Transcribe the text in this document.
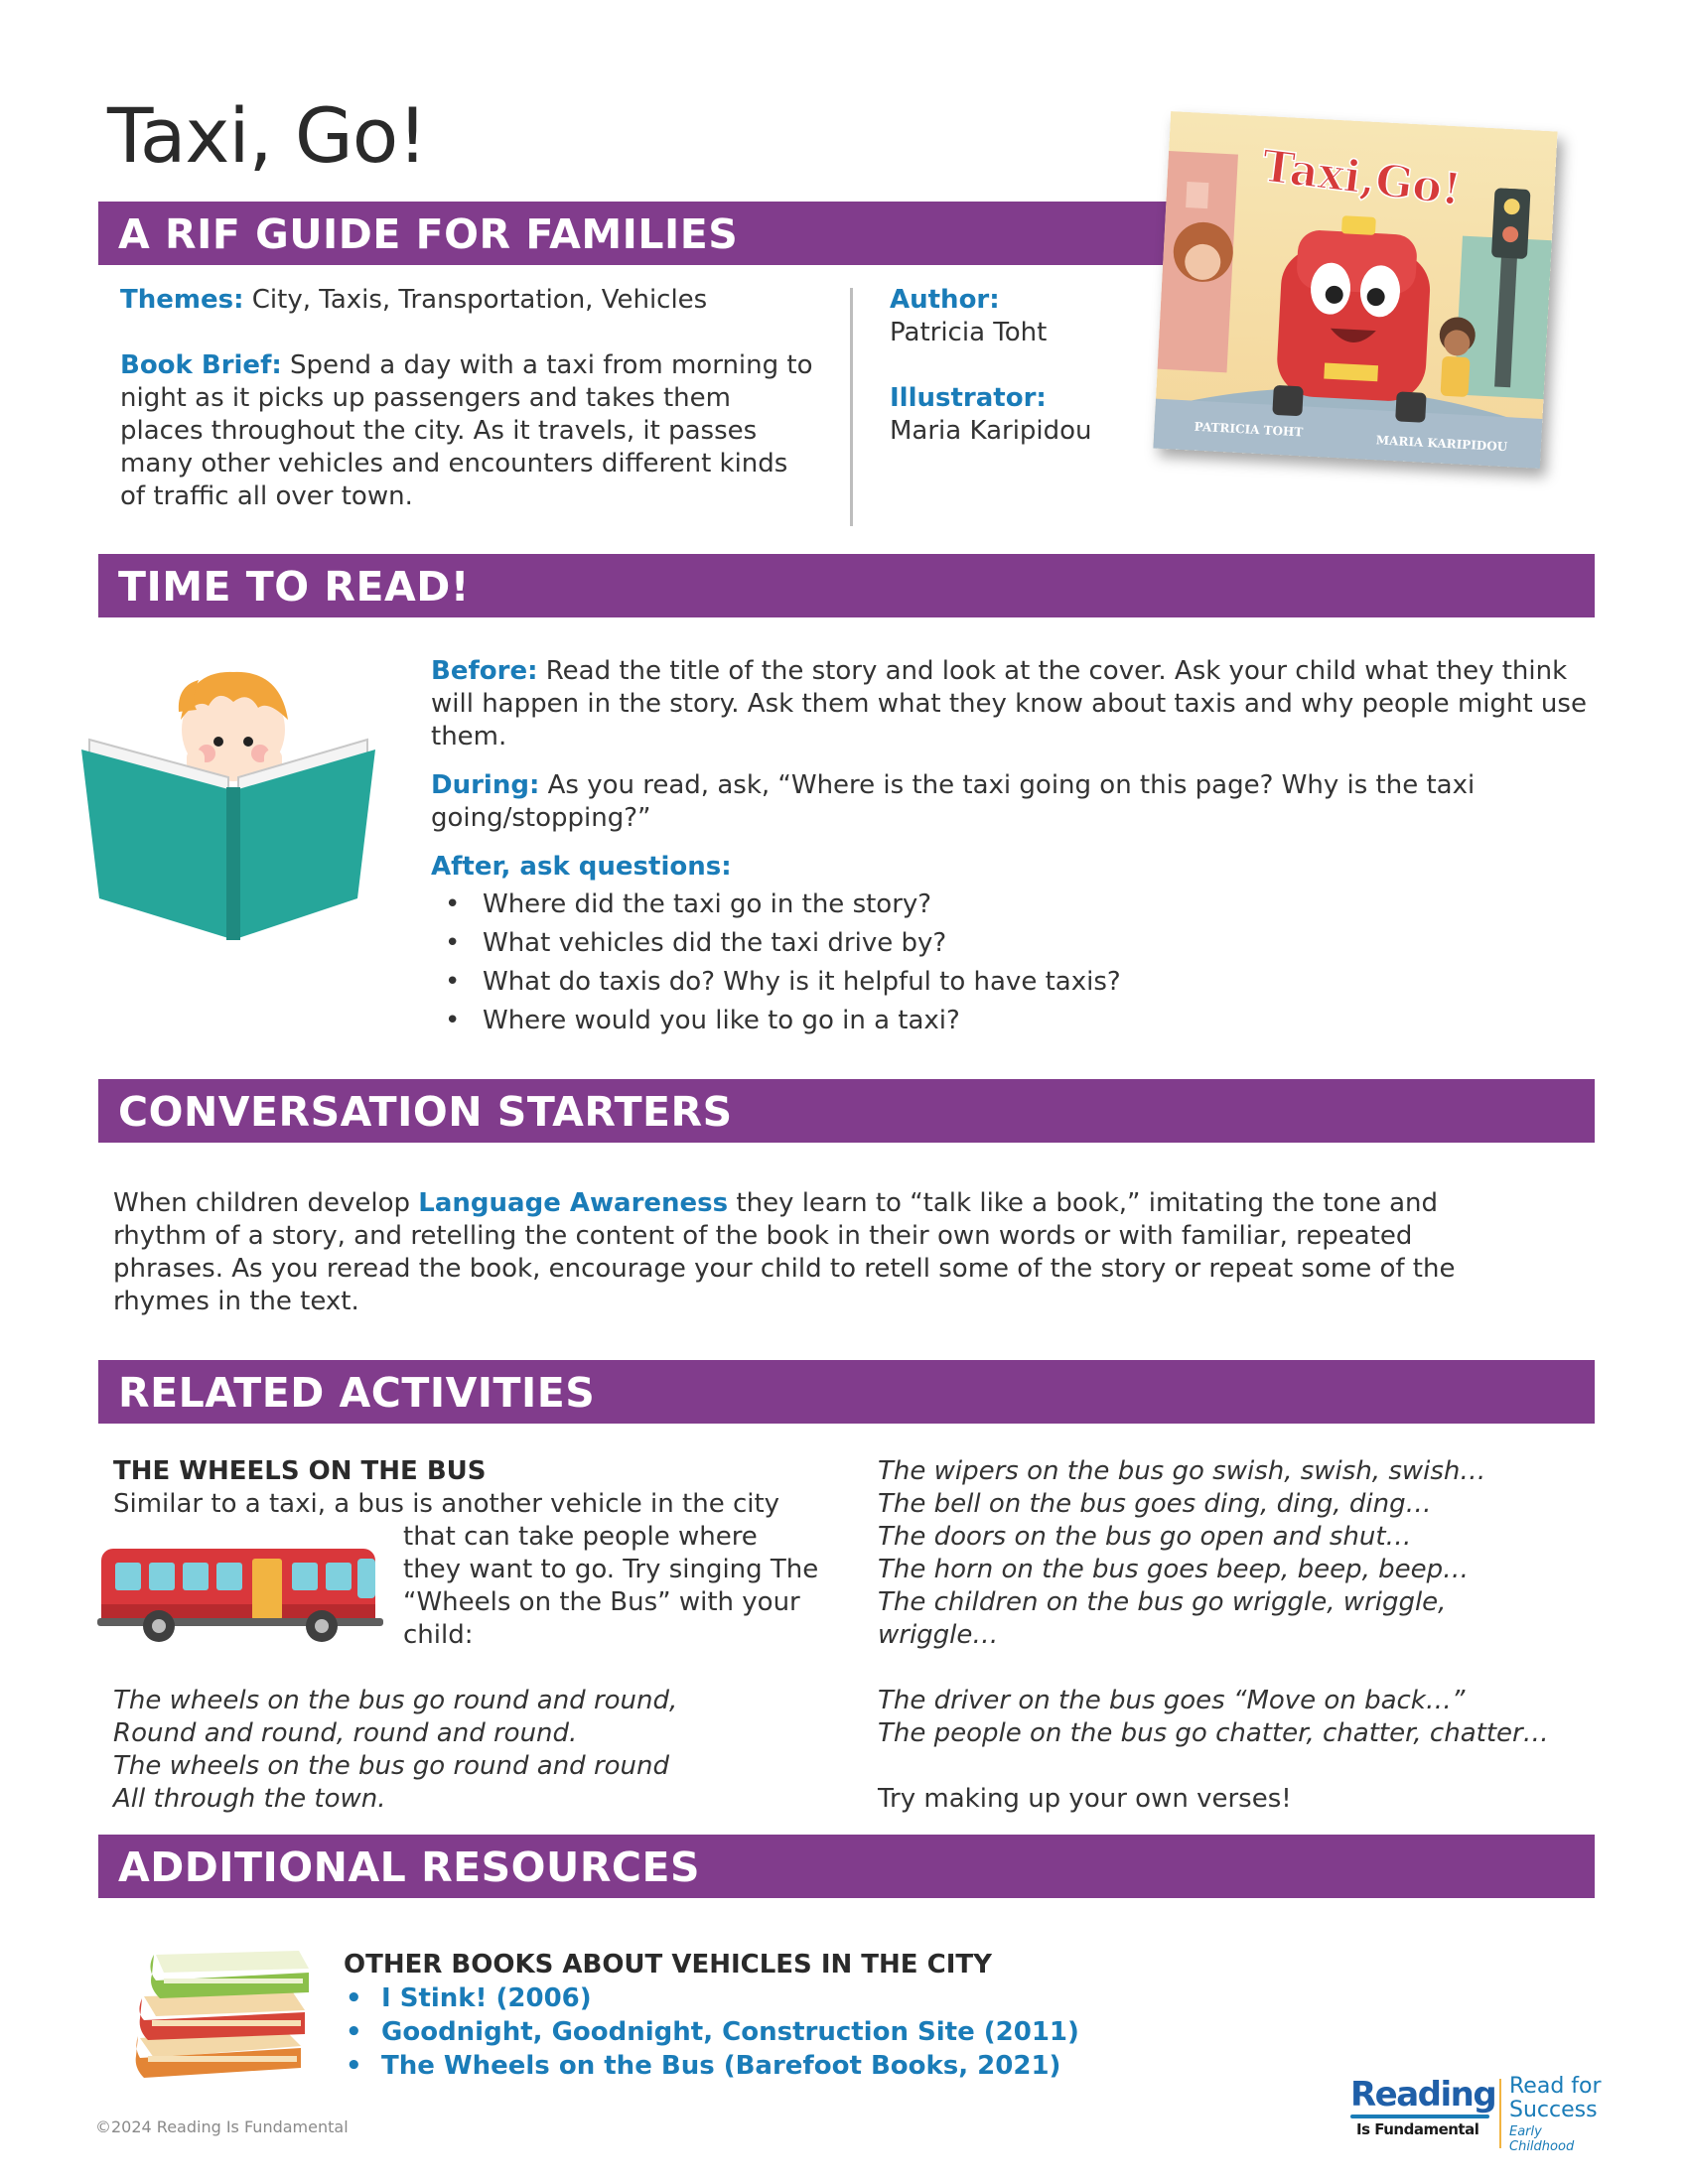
Taxi, Go!
A RIF GUIDE FOR FAMILIES
Taxi,Go!
PATRICIA TOHT
MARIA KARIPIDOU

Themes: City, Taxis, Transportation, Vehicles

Book Brief: Spend a day with a taxi from morning to night as it picks up passengers and takes them places throughout the city. As it travels, it passes many other vehicles and encounters different kinds of traffic all over town.

Author:
Patricia Toht
Illustrator:
Maria Karipidou
TIME TO READ!

Before: Read the title of the story and look at the cover. Ask your child what they think will happen in the story. Ask them what they know about taxis and why people might use them.

During: As you read, ask, “Where is the taxi going on this page? Why is the taxi going/stopping?”

After, ask questions:
• Where did the taxi go in the story?
• What vehicles did the taxi drive by?
• What do taxis do? Why is it helpful to have taxis?
• Where would you like to go in a taxi?
CONVERSATION STARTERS
When children develop Language Awareness they learn to “talk like a book,” imitating the tone and rhythm of a story, and retelling the content of the book in their own words or with familiar, repeated phrases. As you reread the book, encourage your child to retell some of the story or repeat some of the rhymes in the text.
RELATED ACTIVITIES
THE WHEELS ON THE BUS
Similar to a taxi, a bus is another vehicle in the city
that can take people where they want to go. Try singing The “Wheels on the Bus” with your child:
The wheels on the bus go round and round,
Round and round, round and round.
The wheels on the bus go round and round
All through the town.
The wipers on the bus go swish, swish, swish…
The bell on the bus goes ding, ding, ding…
The doors on the bus go open and shut…
The horn on the bus goes beep, beep, beep…
The children on the bus go wriggle, wriggle,
wriggle…
The driver on the bus goes “Move on back…”
The people on the bus go chatter, chatter, chatter…
Try making up your own verses!
ADDITIONAL RESOURCES
OTHER BOOKS ABOUT VEHICLES IN THE CITY
• I Stink! (2006)
• Goodnight, Goodnight, Construction Site (2011)
• The Wheels on the Bus (Barefoot Books, 2021)
©2024 Reading Is Fundamental
Reading
Is Fundamental
Read for
Success
Early Childhood
